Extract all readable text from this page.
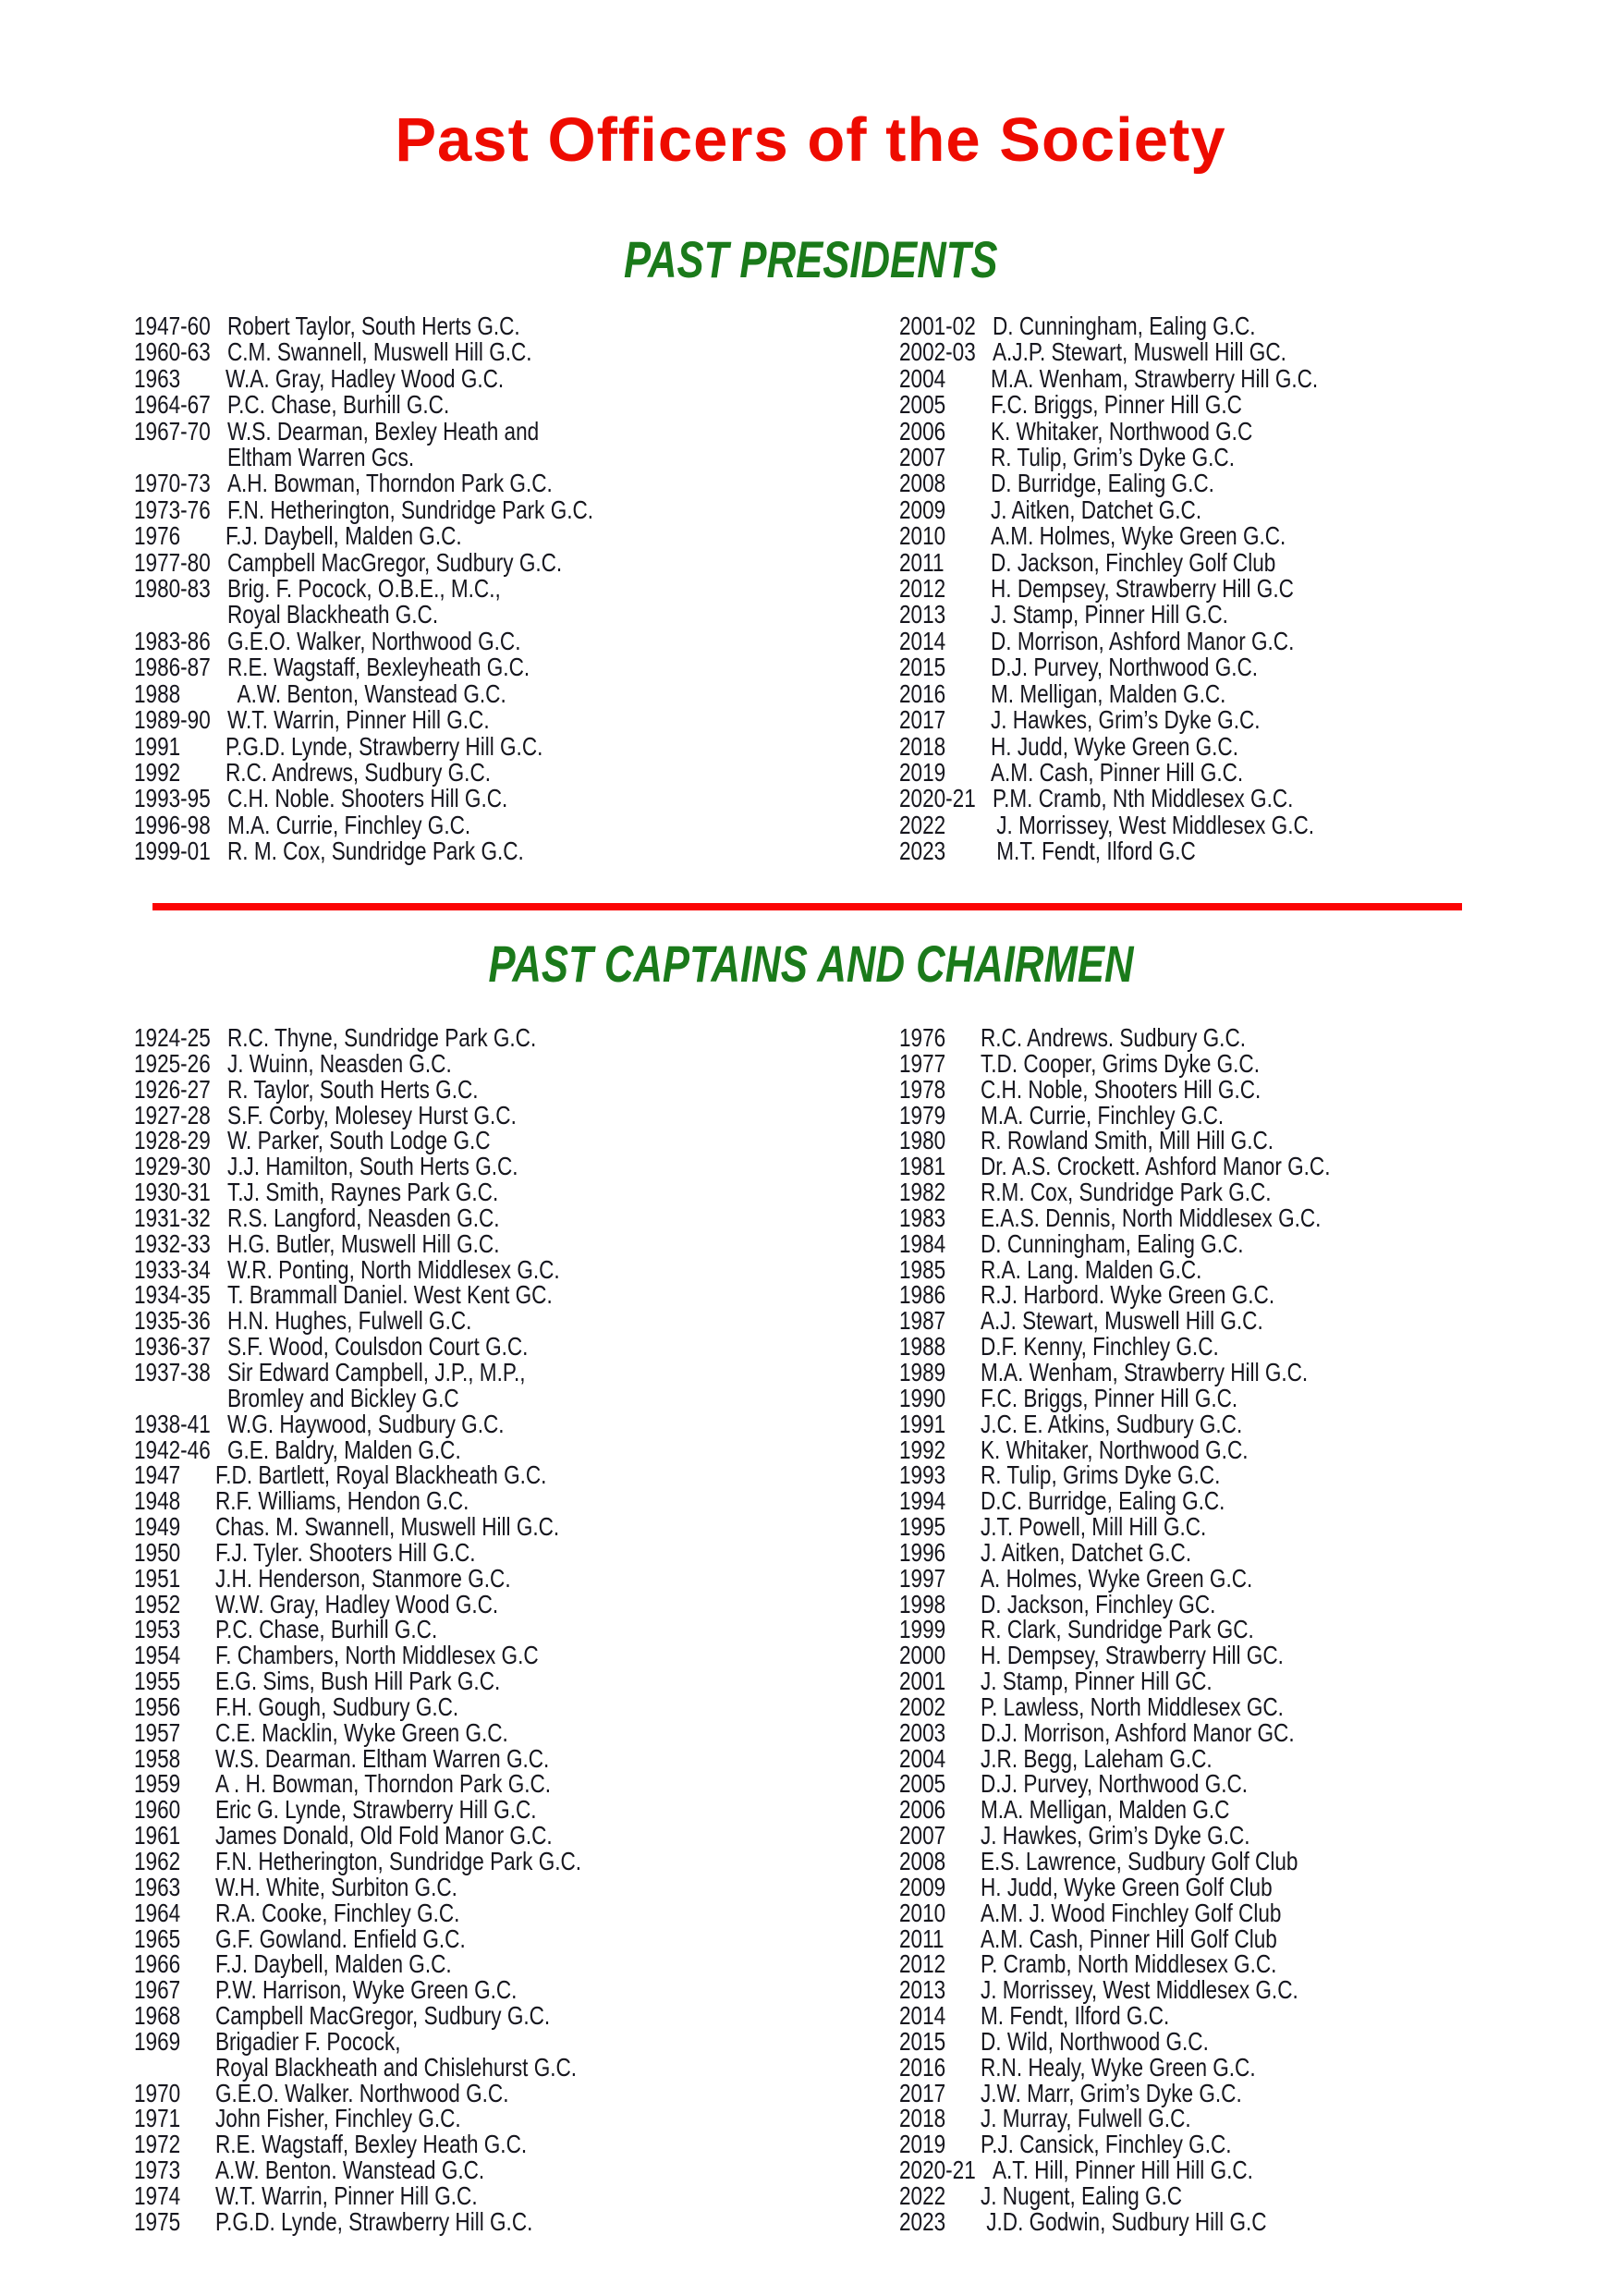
Past Officers of the Society
PAST PRESIDENTS
1947-60 Robert Taylor, South Herts G.C.
1960-63 C.M. Swannell, Muswell Hill G.C.
1963	W.A. Gray, Hadley Wood G.C.
1964-67 P.C. Chase, Burhill G.C.
1967-70 W.S. Dearman, Bexley Heath and
Eltham Warren Gcs.
1970-73 A.H. Bowman, Thorndon Park G.C.
1973-76 F.N. Hetherington, Sundridge Park G.C.
1976	F.J. Daybell, Malden G.C.
1977-80 Campbell MacGregor, Sudbury G.C.
1980-83 Brig. F. Pocock, O.B.E., M.C.,
Royal Blackheath G.C.
1983-86 G.E.O. Walker, Northwood G.C.
1986-87 R.E. Wagstaff, Bexleyheath G.C.
1988	A.W. Benton, Wanstead G.C.
1989-90 W.T. Warrin, Pinner Hill G.C.
1991	P.G.D. Lynde, Strawberry Hill G.C.
1992	R.C. Andrews, Sudbury G.C.
1993-95 C.H. Noble. Shooters Hill G.C.
1996-98 M.A. Currie, Finchley G.C.
1999-01 R. M. Cox, Sundridge Park G.C.
2001-02 D. Cunningham, Ealing G.C.
2002-03 A.J.P. Stewart, Muswell Hill GC.
2004	M.A. Wenham, Strawberry Hill G.C.
2005	F.C. Briggs, Pinner Hill G.C
2006	K. Whitaker, Northwood G.C
2007	R. Tulip, Grim’s Dyke G.C.
2008	D. Burridge, Ealing G.C.
2009	J. Aitken, Datchet G.C.
2010	A.M. Holmes, Wyke Green G.C.
2011	D. Jackson, Finchley Golf Club
2012	H. Dempsey, Strawberry Hill G.C
2013	J. Stamp, Pinner Hill G.C.
2014	D. Morrison, Ashford Manor G.C.
2015	D.J. Purvey, Northwood G.C.
2016	M. Melligan, Malden G.C.
2017	J. Hawkes, Grim’s Dyke G.C.
2018	H. Judd, Wyke Green G.C.
2019	A.M. Cash, Pinner Hill G.C.
2020-21 P.M. Cramb, Nth Middlesex G.C.
2022	J. Morrissey, West Middlesex G.C.
2023	M.T. Fendt, Ilford G.C
PAST CAPTAINS AND CHAIRMEN
1924-25 R.C. Thyne, Sundridge Park G.C.
1925-26 J. Wuinn, Neasden G.C.
1926-27 R. Taylor, South Herts G.C.
1927-28 S.F. Corby, Molesey Hurst G.C.
1928-29 W. Parker, South Lodge G.C
1929-30 J.J. Hamilton, South Herts G.C.
1930-31 T.J. Smith, Raynes Park G.C.
1931-32 R.S. Langford, Neasden G.C.
1932-33 H.G. Butler, Muswell Hill G.C.
1933-34 W.R. Ponting, North Middlesex G.C.
1934-35 T. Brammall Daniel. West Kent GC.
1935-36 H.N. Hughes, Fulwell G.C.
1936-37 S.F. Wood, Coulsdon Court G.C.
1937-38 Sir Edward Campbell, J.P., M.P.,
Bromley and Bickley G.C
1938-41 W.G. Haywood, Sudbury G.C.
1942-46 G.E. Baldry, Malden G.C.
1947	F.D. Bartlett, Royal Blackheath G.C.
1948	R.F. Williams, Hendon G.C.
1949	Chas. M. Swannell, Muswell Hill G.C.
1950	F.J. Tyler. Shooters Hill G.C.
1951	J.H. Henderson, Stanmore G.C.
1952	W.W. Gray, Hadley Wood G.C.
1953	P.C. Chase, Burhill G.C.
1954	F. Chambers, North Middlesex G.C
1955	E.G. Sims, Bush Hill Park G.C.
1956	F.H. Gough, Sudbury G.C.
1957	C.E. Macklin, Wyke Green G.C.
1958	W.S. Dearman. Eltham Warren G.C.
1959	A . H. Bowman, Thorndon Park G.C.
1960	Eric G. Lynde, Strawberry Hill G.C.
1961	James Donald, Old Fold Manor G.C.
1962	F.N. Hetherington, Sundridge Park G.C.
1963	W.H. White, Surbiton G.C.
1964	R.A. Cooke, Finchley G.C.
1965	G.F. Gowland. Enfield G.C.
1966	F.J. Daybell, Malden G.C.
1967	P.W. Harrison, Wyke Green G.C.
1968	Campbell MacGregor, Sudbury G.C.
1969	Brigadier F. Pocock,
Royal Blackheath and Chislehurst G.C.
1970	G.E.O. Walker. Northwood G.C.
1971	John Fisher, Finchley G.C.
1972	R.E. Wagstaff, Bexley Heath G.C.
1973	A.W. Benton. Wanstead G.C.
1974	W.T. Warrin, Pinner Hill G.C.
1975	P.G.D. Lynde, Strawberry Hill G.C.
1976	R.C. Andrews. Sudbury G.C.
1977	T.D. Cooper, Grims Dyke G.C.
1978	C.H. Noble, Shooters Hill G.C.
1979	M.A. Currie, Finchley G.C.
1980	R. Rowland Smith, Mill Hill G.C.
1981	Dr. A.S. Crockett. Ashford Manor G.C.
1982	R.M. Cox, Sundridge Park G.C.
1983	E.A.S. Dennis, North Middlesex G.C.
1984	D. Cunningham, Ealing G.C.
1985	R.A. Lang. Malden G.C.
1986	R.J. Harbord. Wyke Green G.C.
1987	A.J. Stewart, Muswell Hill G.C.
1988	D.F. Kenny, Finchley G.C.
1989	M.A. Wenham, Strawberry Hill G.C.
1990	F.C. Briggs, Pinner Hill G.C.
1991	J.C. E. Atkins, Sudbury G.C.
1992	K. Whitaker, Northwood G.C.
1993	R. Tulip, Grims Dyke G.C.
1994	D.C. Burridge, Ealing G.C.
1995	J.T. Powell, Mill Hill G.C.
1996	J. Aitken, Datchet G.C.
1997	A. Holmes, Wyke Green G.C.
1998	D. Jackson, Finchley GC.
1999	R. Clark, Sundridge Park GC.
2000	H. Dempsey, Strawberry Hill GC.
2001	J. Stamp, Pinner Hill GC.
2002	P. Lawless, North Middlesex GC.
2003	D.J. Morrison, Ashford Manor GC.
2004	J.R. Begg, Laleham G.C.
2005	D.J. Purvey, Northwood G.C.
2006	M.A. Melligan, Malden G.C
2007	J. Hawkes, Grim’s Dyke G.C.
2008	E.S. Lawrence, Sudbury Golf Club
2009	H. Judd, Wyke Green Golf Club
2010	A.M. J. Wood Finchley Golf Club
2011	A.M. Cash, Pinner Hill Golf Club
2012	P. Cramb, North Middlesex G.C.
2013	J. Morrissey, West Middlesex G.C.
2014	M. Fendt, Ilford G.C.
2015	D. Wild, Northwood G.C.
2016	R.N. Healy, Wyke Green G.C.
2017	J.W. Marr, Grim’s Dyke G.C.
2018	J. Murray, Fulwell G.C.
2019	P.J. Cansick, Finchley G.C.
2020-21 A.T. Hill, Pinner Hill Hill G.C.
2022	J. Nugent, Ealing G.C
2023	J.D. Godwin, Sudbury Hill G.C
